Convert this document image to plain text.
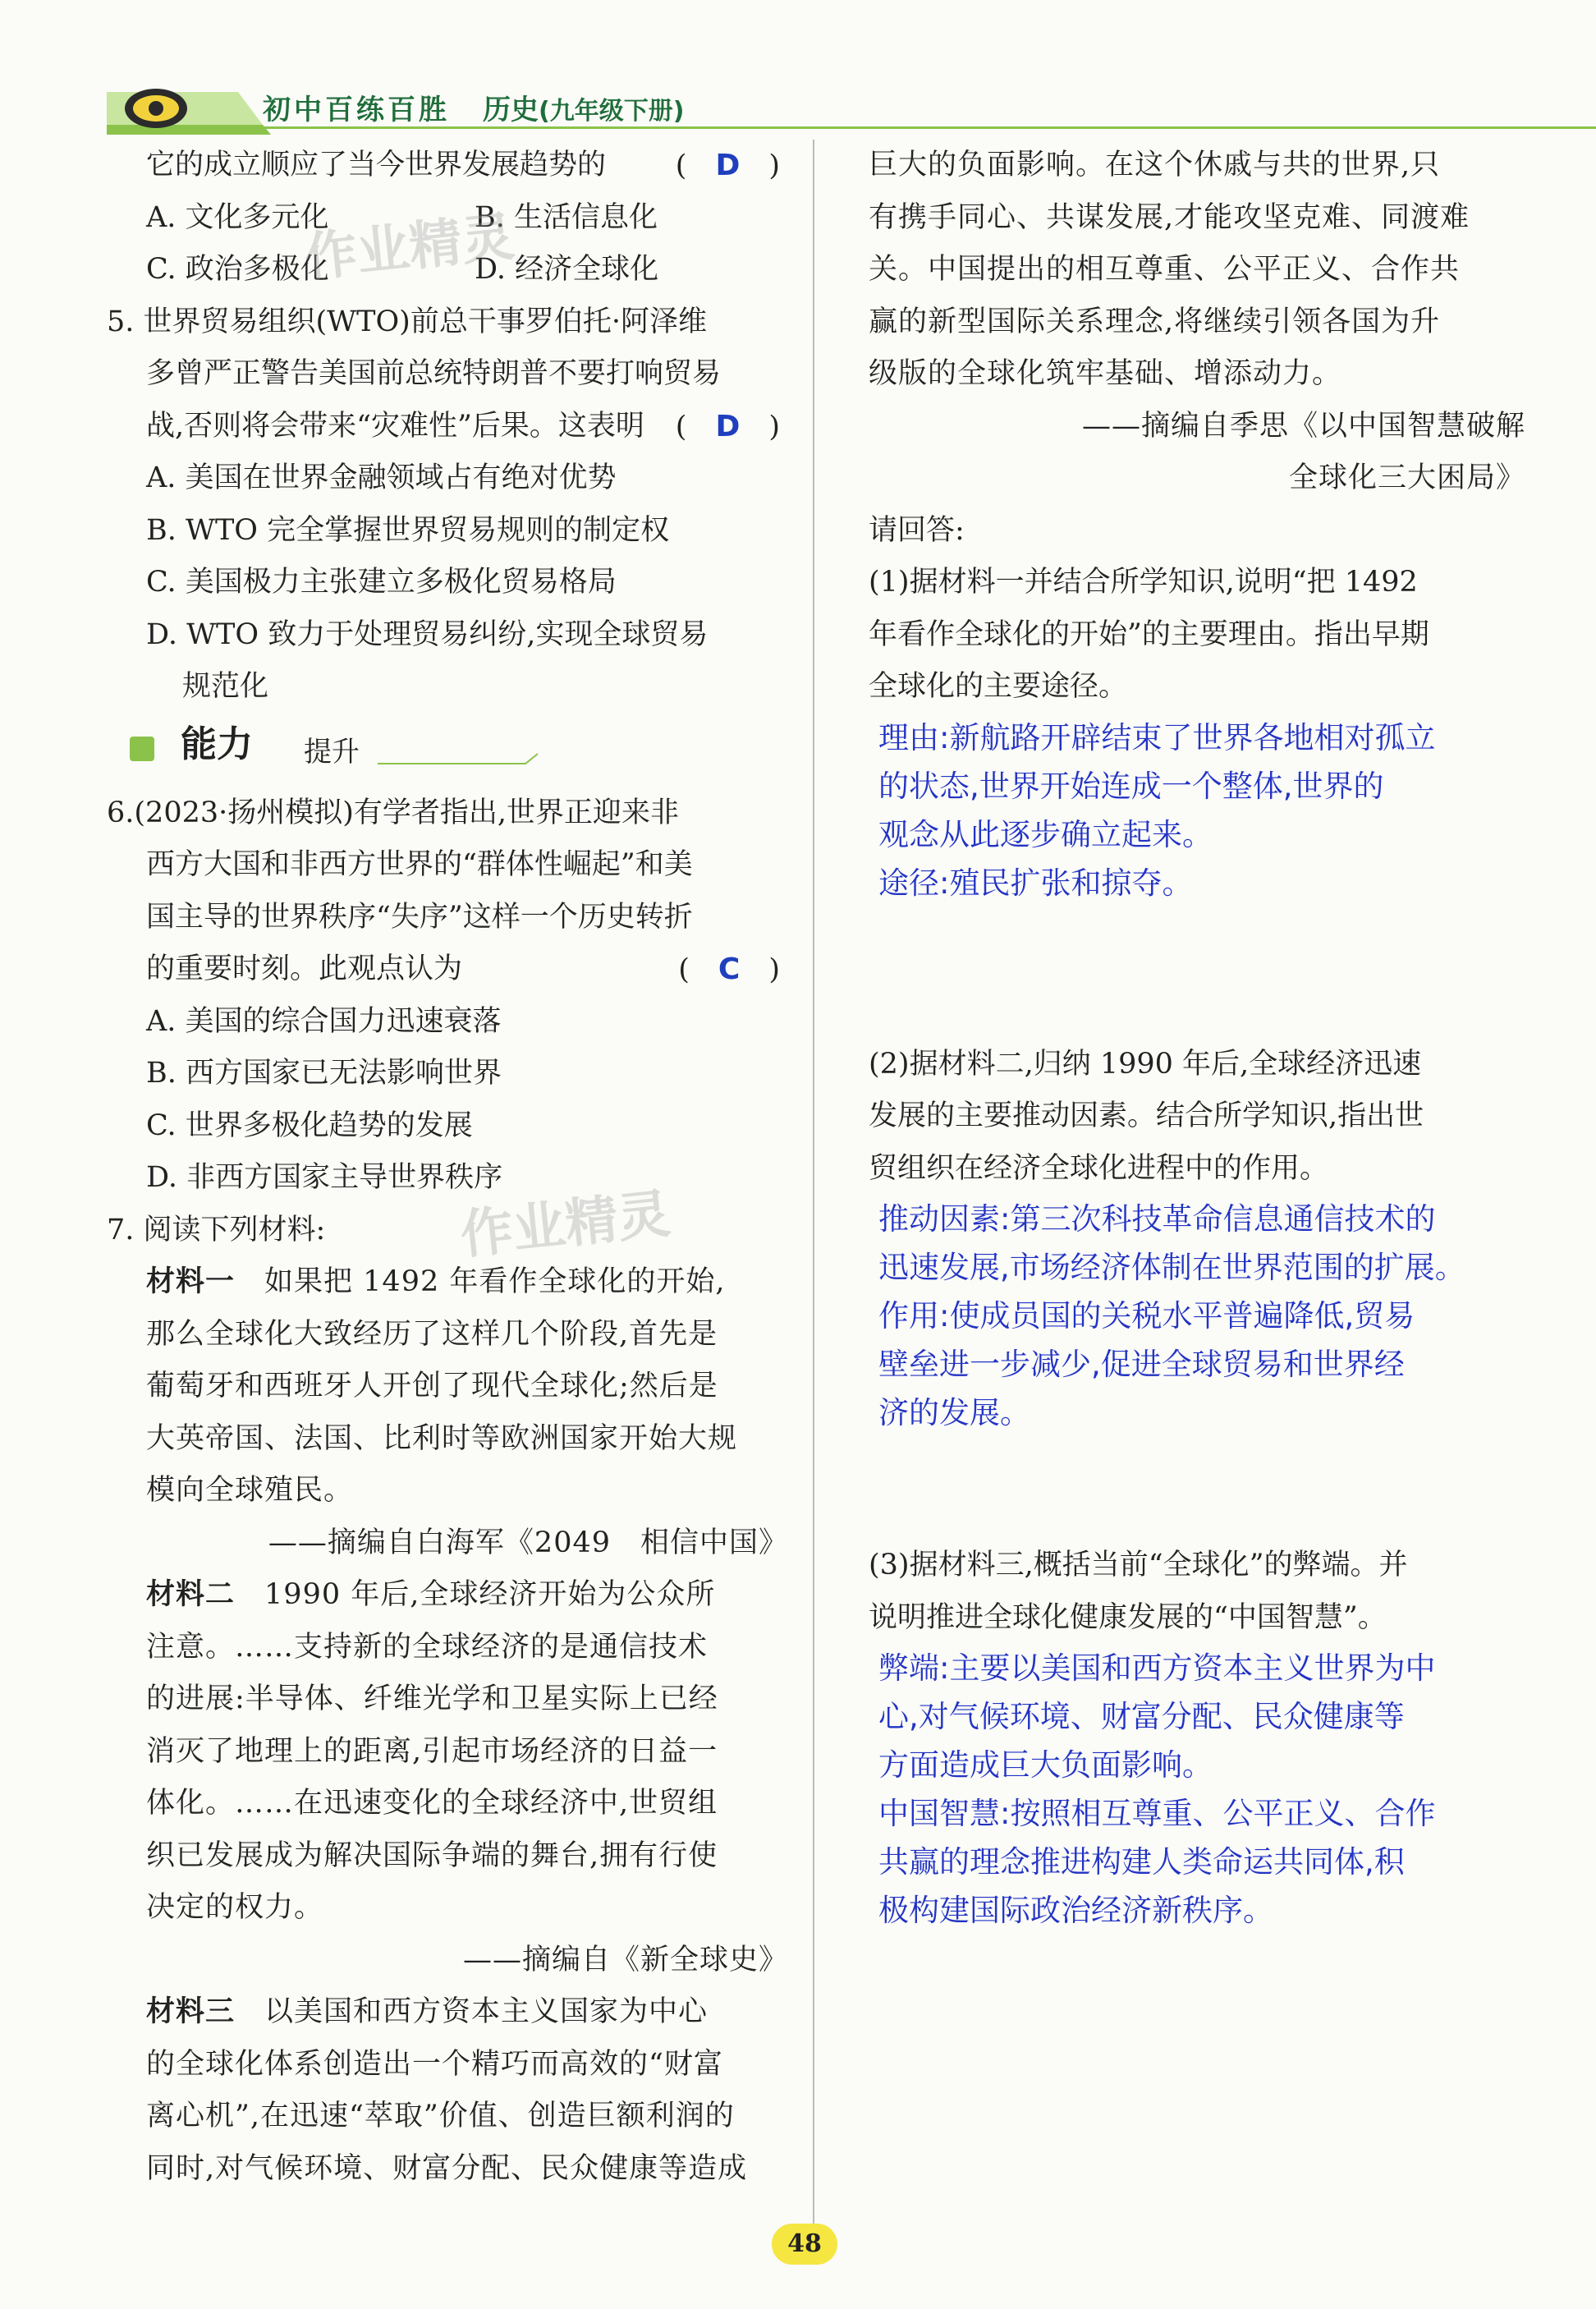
初中百练百胜 历史 (九年级下册)
它的成立顺应了当今世界发展趋势的 (　D　)
A. 文化多元化	B. 生活信息化
C. 政治多极化	D. 经济全球化
5. 世界贸易组织(WTO)前总干事罗伯托·阿泽维
多曾严正警告美国前总统特朗普不要打响贸易
战,否则将会带来“灾难性”后果。这表明 (　D　)
A. 美国在世界金融领域占有绝对优势
B. WTO 完全掌握世界贸易规则的制定权
C. 美国极力主张建立多极化贸易格局
D. WTO 致力于处理贸易纠纷,实现全球贸易
规范化
能力 提升
6.(2023·扬州模拟)有学者指出,世界正迎来非
西方大国和非西方世界的“群体性崛起”和美
国主导的世界秩序“失序”这样一个历史转折
的重要时刻。此观点认为	(　C　)
A. 美国的综合国力迅速衰落
B. 西方国家已无法影响世界
C. 世界多极化趋势的发展
D. 非西方国家主导世界秩序
7. 阅读下列材料:
材料一　 如果把 1492 年看作全球化的开始,
那么全球化大致经历了这样几个阶段,首先是
葡萄牙和西班牙人开创了现代全球化;然后是
大英帝国、法国、比利时等欧洲国家开始大规
模向全球殖民。
——摘编自白海军《2049　相信中国》
材料二　 1990 年后,全球经济开始为公众所
注意。……支持新的全球经济的是通信技术
的进展:半导体、纤维光学和卫星实际上已经
消灭了地理上的距离,引起市场经济的日益一
体化。……在迅速变化的全球经济中,世贸组
织已发展成为解决国际争端的舞台,拥有行使
决定的权力。
——摘编自《新全球史》
材料三　 以美国和西方资本主义国家为中心
的全球化体系创造出一个精巧而高效的“财富
离心机”,在迅速“萃取”价值、创造巨额利润的
同时,对气候环境、财富分配、民众健康等造成
巨大的负面影响。在这个休戚与共的世界,只
有携手同心、共谋发展,才能攻坚克难、同渡难
关。中国提出的相互尊重、公平正义、合作共
赢的新型国际关系理念,将继续引领各国为升
级版的全球化筑牢基础、增添动力。
——摘编自季思《以中国智慧破解
全球化三大困局》
请回答:
(1)据材料一并结合所学知识,说明“把 1492
年看作全球化的开始”的主要理由。指出早期
全球化的主要途径。
理由:新航路开辟结束了世界各地相对孤立
的状态,世界开始连成一个整体,世界的
观念从此逐步确立起来。
途径:殖民扩张和掠夺。
(2)据材料二,归纳 1990 年后,全球经济迅速
发展的主要推动因素。结合所学知识,指出世
贸组织在经济全球化进程中的作用。
推动因素:第三次科技革命信息通信技术的
迅速发展,市场经济体制在世界范围的扩展。
作用:使成员国的关税水平普遍降低,贸易
壁垒进一步减少,促进全球贸易和世界经
济的发展。
(3)据材料三,概括当前“全球化”的弊端。并
说明推进全球化健康发展的“中国智慧”。
弊端:主要以美国和西方资本主义世界为中
心,对气候环境、财富分配、民众健康等
方面造成巨大负面影响。
中国智慧:按照相互尊重、公平正义、合作
共赢的理念推进构建人类命运共同体,积
极构建国际政治经济新秩序。
作业精灵
作业精灵
48
